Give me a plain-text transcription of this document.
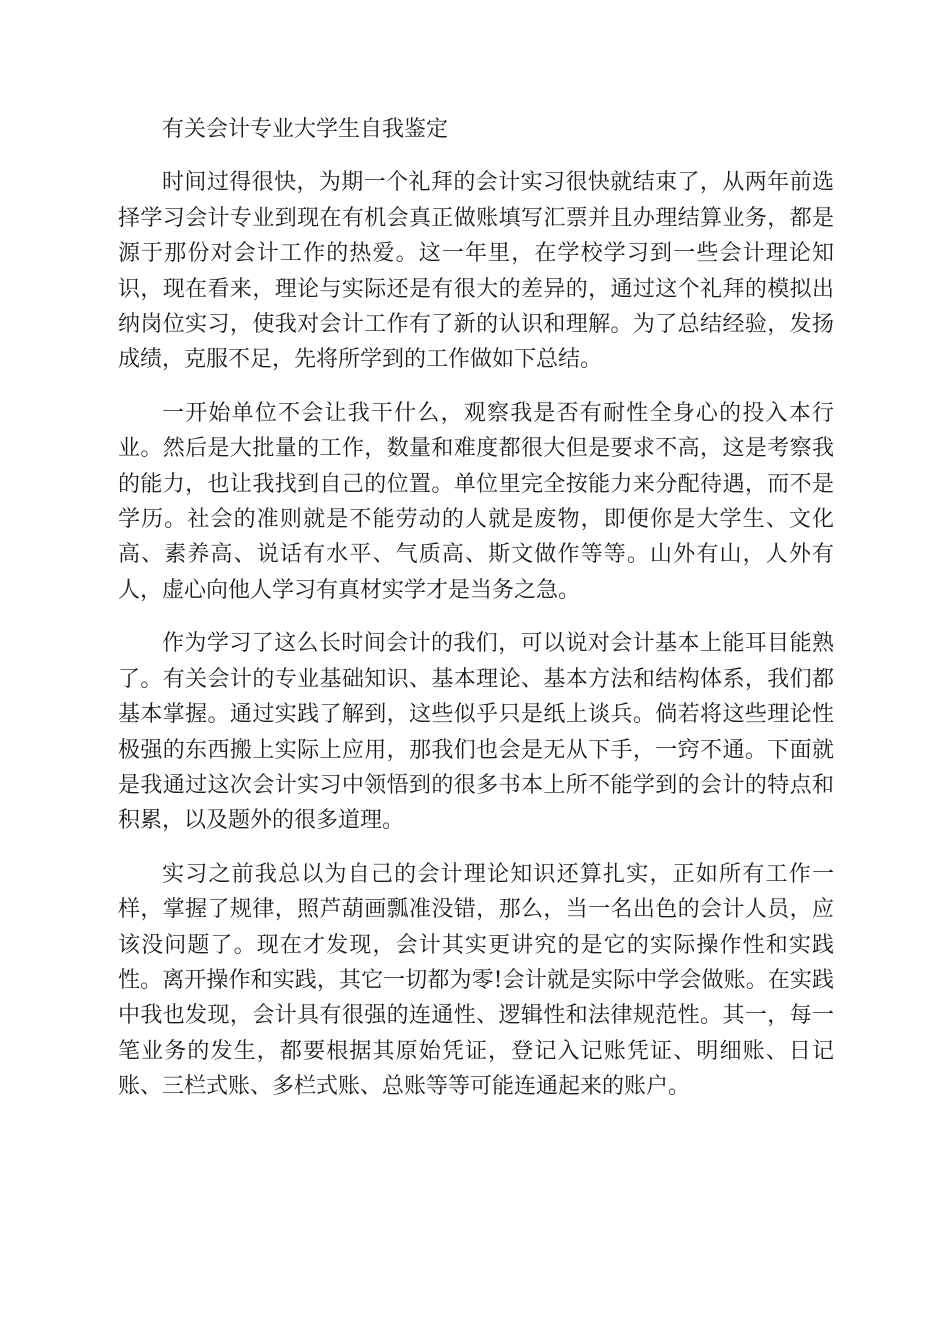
有关会计专业大学生自我鉴定

时间过得很快，为期一个礼拜的会计实习很快就结束了，从两年前选择学习会计专业到现在有机会真正做账填写汇票并且办理结算业务，都是源于那份对会计工作的热爱。这一年里，在学校学习到一些会计理论知识，现在看来，理论与实际还是有很大的差异的，通过这个礼拜的模拟出纳岗位实习，使我对会计工作有了新的认识和理解。为了总结经验，发扬成绩，克服不足，先将所学到的工作做如下总结。

一开始单位不会让我干什么，观察我是否有耐性全身心的投入本行业。然后是大批量的工作，数量和难度都很大但是要求不高，这是考察我的能力，也让我找到自己的位置。单位里完全按能力来分配待遇，而不是学历。社会的准则就是不能劳动的人就是废物，即便你是大学生、文化高、素养高、说话有水平、气质高、斯文做作等等。山外有山，人外有人，虚心向他人学习有真材实学才是当务之急。

作为学习了这么长时间会计的我们，可以说对会计基本上能耳目能熟了。有关会计的专业基础知识、基本理论、基本方法和结构体系，我们都基本掌握。通过实践了解到，这些似乎只是纸上谈兵。倘若将这些理论性极强的东西搬上实际上应用，那我们也会是无从下手，一窍不通。下面就是我通过这次会计实习中领悟到的很多书本上所不能学到的会计的特点和积累，以及题外的很多道理。

实习之前我总以为自己的会计理论知识还算扎实，正如所有工作一样，掌握了规律，照芦葫画瓢准没错，那么，当一名出色的会计人员，应该没问题了。现在才发现，会计其实更讲究的是它的实际操作性和实践性。离开操作和实践，其它一切都为零!会计就是实际中学会做账。在实践中我也发现，会计具有很强的连通性、逻辑性和法律规范性。其一，每一笔业务的发生，都要根据其原始凭证，登记入记账凭证、明细账、日记账、三栏式账、多栏式账、总账等等可能连通起来的账户。
